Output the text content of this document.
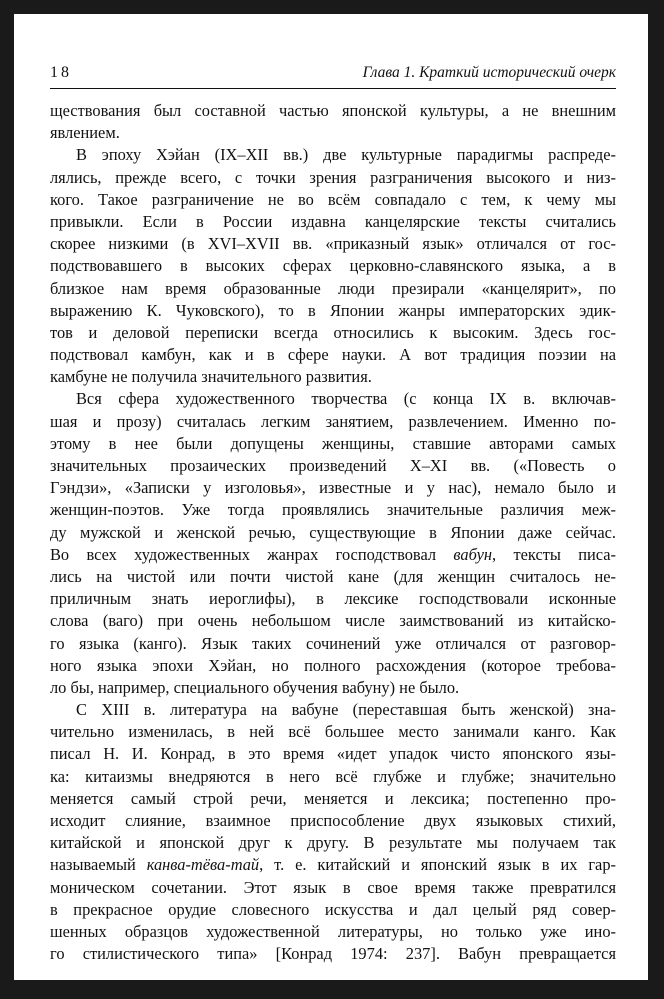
18	Глава 1. Краткий исторический очерк
ществования был составной частью японской культуры, а не внешним
явлением.
В эпоху Хэйан (IX–XII вв.) две культурные парадигмы распреде-
лялись, прежде всего, с точки зрения разграничения высокого и низ-
кого. Такое разграничение не во всём совпадало с тем, к чему мы
привыкли. Если в России издавна канцелярские тексты считались
скорее низкими (в XVI–XVII вв. «приказный язык» отличался от гос-
подствовавшего в высоких сферах церковно-славянского языка, а в
близкое нам время образованные люди презирали «канцелярит», по
выражению К. Чуковского), то в Японии жанры императорских эдик-
тов и деловой переписки всегда относились к высоким. Здесь гос-
подствовал камбун, как и в сфере науки. А вот традиция поэзии на
камбуне не получила значительного развития.
Вся сфера художественного творчества (с конца IX в. включав-
шая и прозу) считалась легким занятием, развлечением. Именно по-
этому в нее были допущены женщины, ставшие авторами самых
значительных прозаических произведений X–XI вв. («Повесть о
Гэндзи», «Записки у изголовья», известные и у нас), немало было и
женщин-поэтов. Уже тогда проявлялись значительные различия меж-
ду мужской и женской речью, существующие в Японии даже сейчас.
Во всех художественных жанрах господствовал вабун, тексты писа-
лись на чистой или почти чистой кане (для женщин считалось не-
приличным знать иероглифы), в лексике господствовали исконные
слова (ваго) при очень небольшом числе заимствований из китайско-
го языка (канго). Язык таких сочинений уже отличался от разговор-
ного языка эпохи Хэйан, но полного расхождения (которое требова-
ло бы, например, специального обучения вабуну) не было.
С XIII в. литература на вабуне (переставшая быть женской) зна-
чительно изменилась, в ней всё большее место занимали канго. Как
писал Н. И. Конрад, в это время «идет упадок чисто японского язы-
ка: китаизмы внедряются в него всё глубже и глубже; значительно
меняется самый строй речи, меняется и лексика; постепенно про-
исходит слияние, взаимное приспособление двух языковых стихий,
китайской и японской друг к другу. В результате мы получаем так
называемый канва-тёва-тай, т. е. китайский и японский язык в их гар-
моническом сочетании. Этот язык в свое время также превратился
в прекрасное орудие словесного искусства и дал целый ряд совер-
шенных образцов художественной литературы, но только уже ино-
го стилистического типа» [Конрад 1974: 237]. Вабун превращается
